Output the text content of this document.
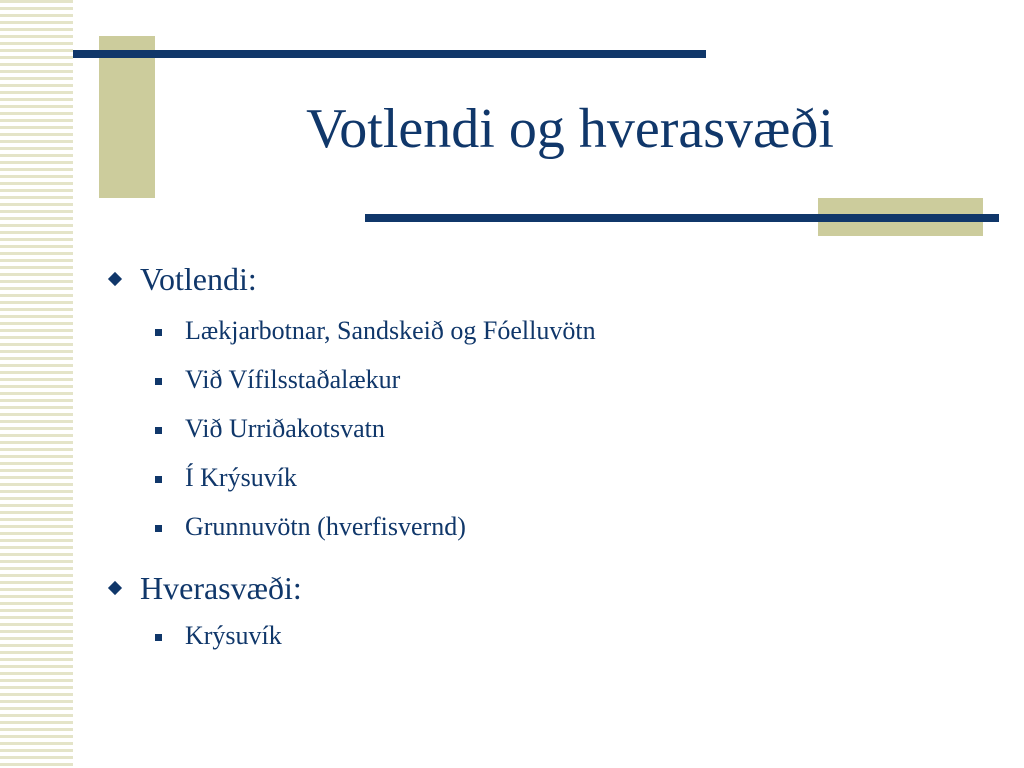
Votlendi og hverasvæði
Votlendi:
Lækjarbotnar, Sandskeið og Fóelluvötn
Við Vífilsstaðalækur
Við Urriðakotsvatn
Í Krýsuvík
Grunnuvötn (hverfisvernd)
Hverasvæði:
Krýsuvík
